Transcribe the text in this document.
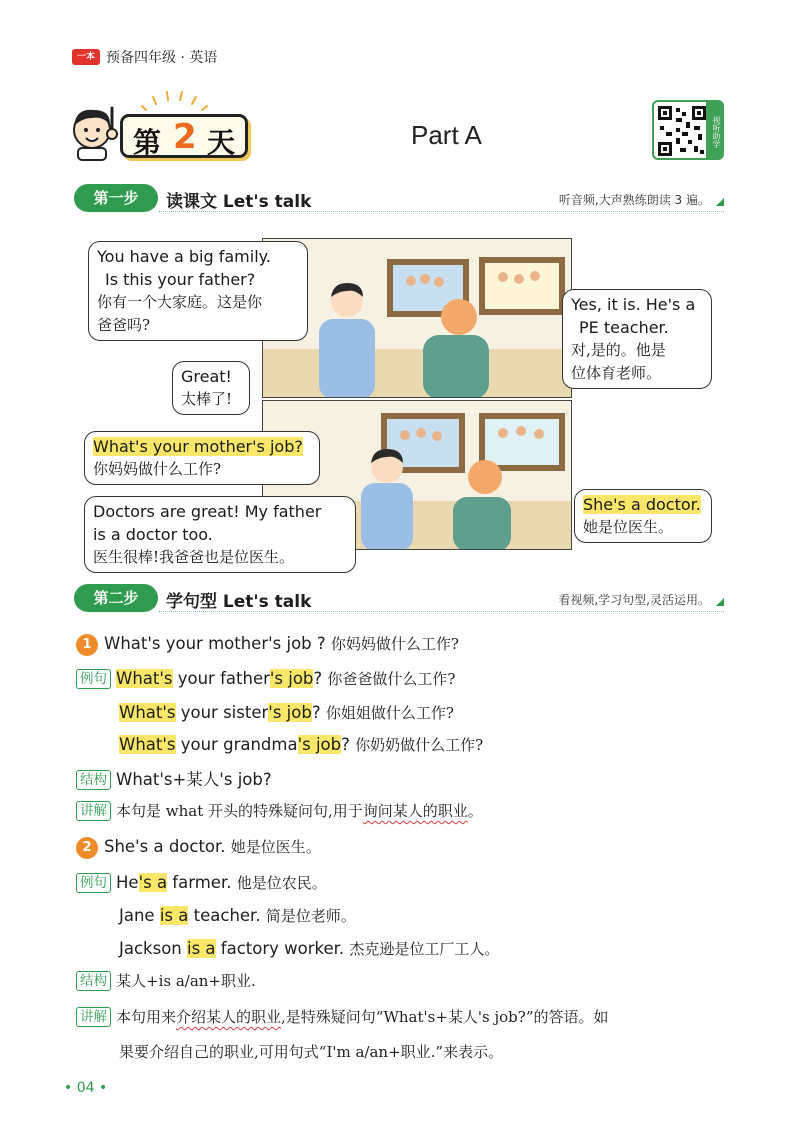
一本 预备四年级 · 英语
第 2 天	Part A	视听助学
第一步	读课文 Let's talk	听音频,大声熟练朗读 3 遍。
You have a big family.
Is this your father?
你有一个大家庭。这是你
爸爸吗?
Yes, it is. He's a
PE teacher.
对,是的。他是
位体育老师。
Great!
太棒了!
What's your mother's job?
你妈妈做什么工作?
She's a doctor.
她是位医生。
Doctors are great! My father
is a doctor too.
医生很棒!我爸爸也是位医生。
第二步	学句型 Let's talk	看视频,学习句型,灵活运用。
1 What's your mother's job ? 你妈妈做什么工作?
例句 What's your father's job? 你爸爸做什么工作?
What's your sister's job? 你姐姐做什么工作?
What's your grandma's job? 你奶奶做什么工作?
结构 What's+某人's job?
讲解 本句是 what 开头的特殊疑问句,用于询问某人的职业。
2 She's a doctor. 她是位医生。
例句 He's a farmer. 他是位农民。
Jane is a teacher. 简是位老师。
Jackson is a factory worker. 杰克逊是位工厂工人。
结构 某人+is a/an+职业.
讲解 本句用来介绍某人的职业,是特殊疑问句“What's+某人's job?”的答语。如
果要介绍自己的职业,可用句式“I'm a/an+职业.”来表示。
• 04 •
